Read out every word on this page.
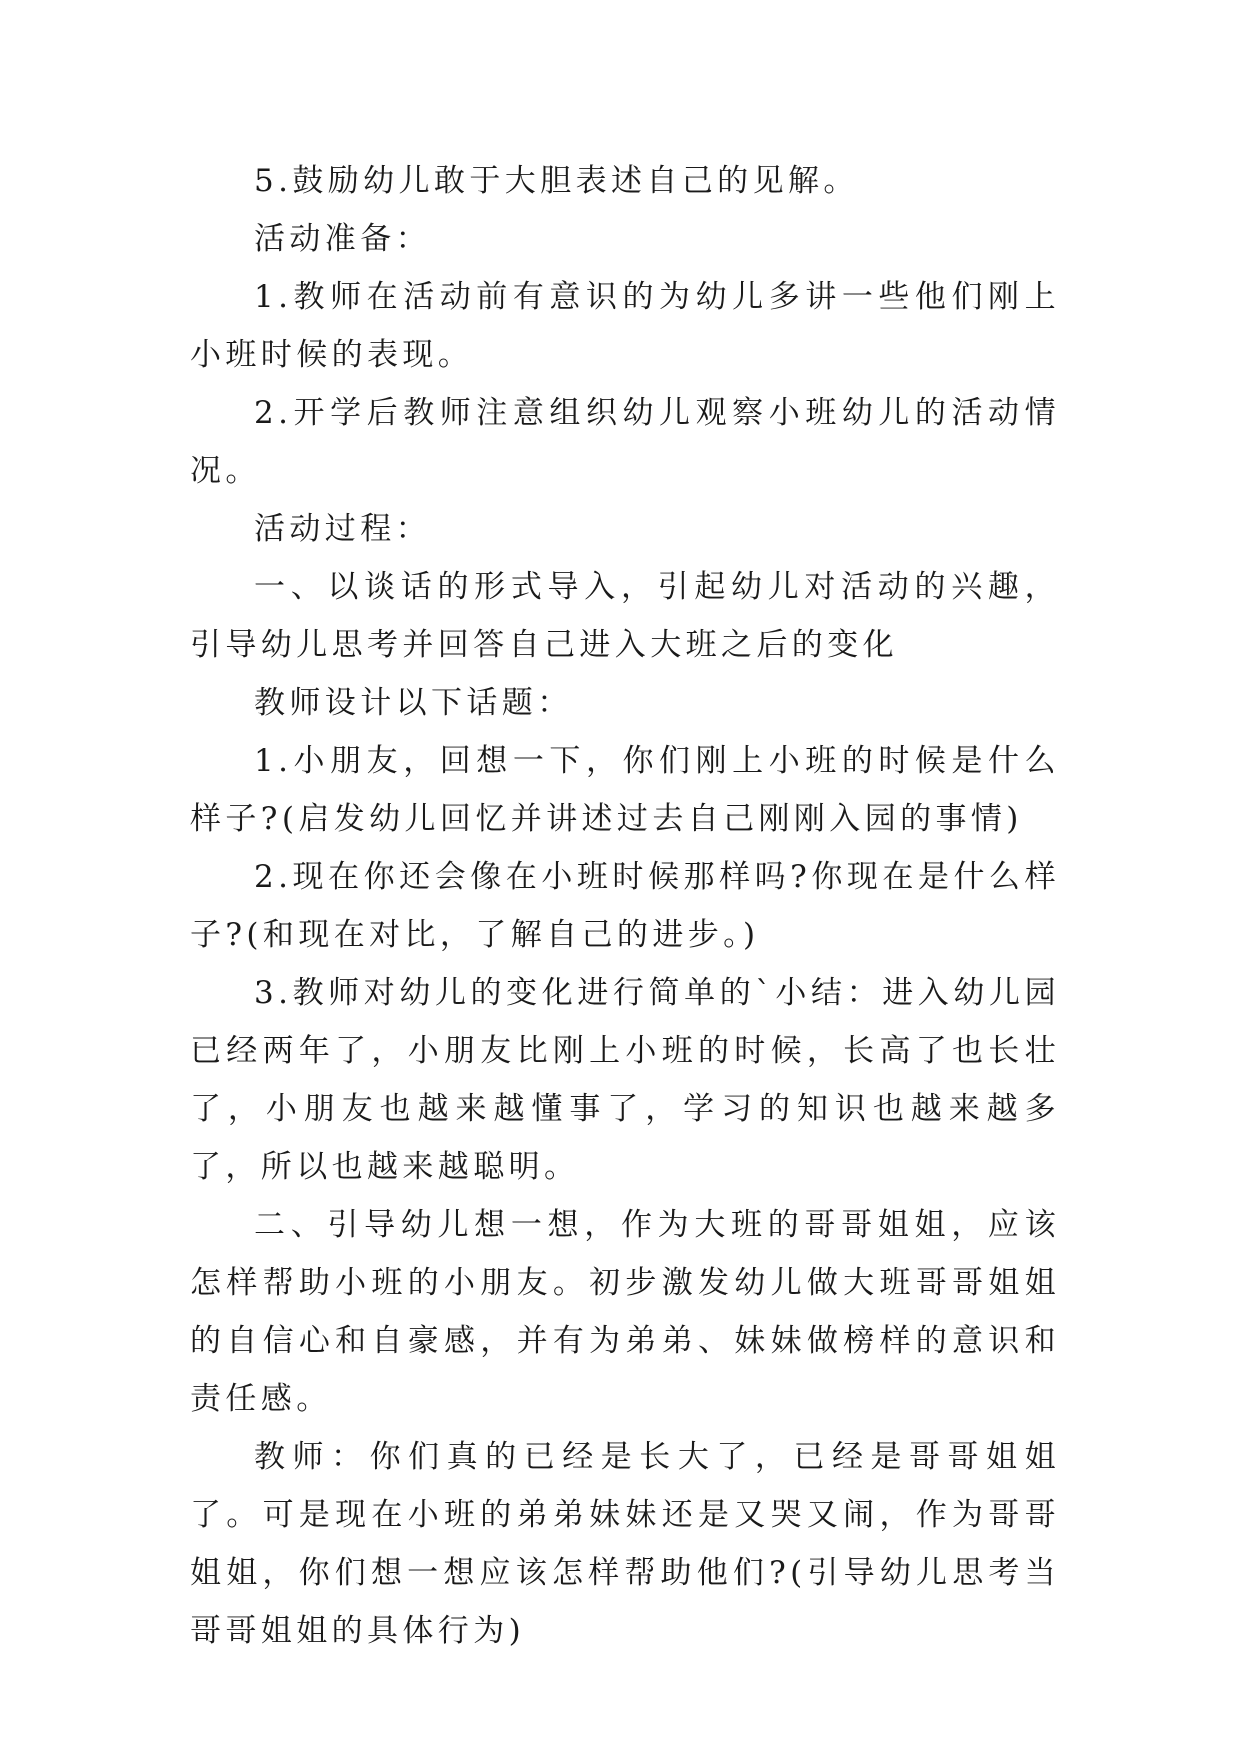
5.鼓励幼儿敢于大胆表述自己的见解。

活动准备：

1.教师在活动前有意识的为幼儿多讲一些他们刚上小班时候的表现。

2.开学后教师注意组织幼儿观察小班幼儿的活动情况。

活动过程：

一、以谈话的形式导入，引起幼儿对活动的兴趣，引导幼儿思考并回答自己进入大班之后的变化

教师设计以下话题：

1.小朋友，回想一下，你们刚上小班的时候是什么样子?(启发幼儿回忆并讲述过去自己刚刚入园的事情)

2.现在你还会像在小班时候那样吗?你现在是什么样子?(和现在对比，了解自己的进步。)

3.教师对幼儿的变化进行简单的`小结：进入幼儿园已经两年了，小朋友比刚上小班的时候，长高了也长壮了，小朋友也越来越懂事了，学习的知识也越来越多了，所以也越来越聪明。

二、引导幼儿想一想，作为大班的哥哥姐姐，应该怎样帮助小班的小朋友。初步激发幼儿做大班哥哥姐姐的自信心和自豪感，并有为弟弟、妹妹做榜样的意识和责任感。

教师：你们真的已经是长大了，已经是哥哥姐姐了。可是现在小班的弟弟妹妹还是又哭又闹，作为哥哥姐姐，你们想一想应该怎样帮助他们?(引导幼儿思考当哥哥姐姐的具体行为)
